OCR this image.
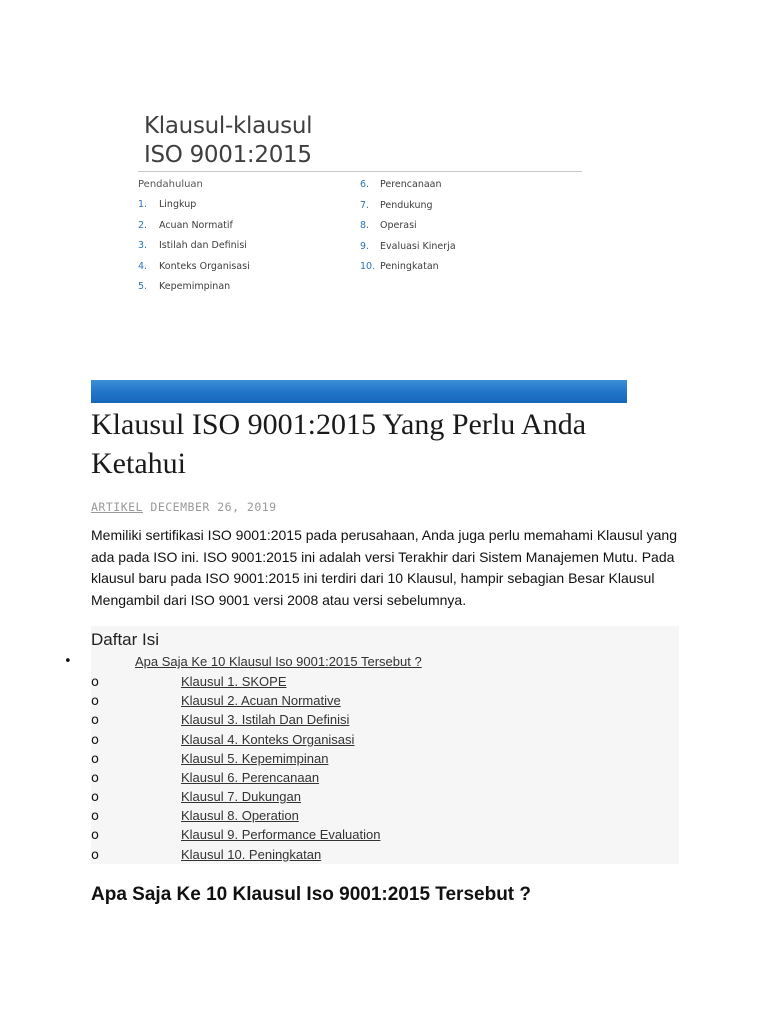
Klausul-klausul
ISO 9001:2015
Pendahuluan
1.	Lingkup
2.	Acuan Normatif
3.	Istilah dan Definisi
4.	Konteks Organisasi
5.	Kepemimpinan
6.	Perencanaan
7.	Pendukung
8.	Operasi
9.	Evaluasi Kinerja
10. Peningkatan
Klausul ISO 9001:2015 Yang Perlu Anda Ketahui
ARTIKEL DECEMBER 26, 2019

Memiliki sertifikasi ISO 9001:2015 pada perusahaan, Anda juga perlu memahami Klausul yang ada pada ISO ini. ISO 9001:2015 ini adalah versi Terakhir dari Sistem Manajemen Mutu. Pada klausul baru pada ISO 9001:2015 ini terdiri dari 10 Klausul, hampir sebagian Besar Klausul Mengambil dari ISO 9001 versi 2008 atau versi sebelumnya.

Daftar Isi
•	Apa Saja Ke 10 Klausul Iso 9001:2015 Tersebut ?
o	Klausul 1. SKOPE
o	Klausul 2. Acuan Normative
o	Klausul 3. Istilah Dan Definisi
o	Klausal 4. Konteks Organisasi
o	Klausul 5. Kepemimpinan
o	Klausul 6. Perencanaan
o	Klausul 7. Dukungan
o	Klausul 8. Operation
o	Klausul 9. Performance Evaluation
o	Klausul 10. Peningkatan
Apa Saja Ke 10 Klausul Iso 9001:2015 Tersebut ?
